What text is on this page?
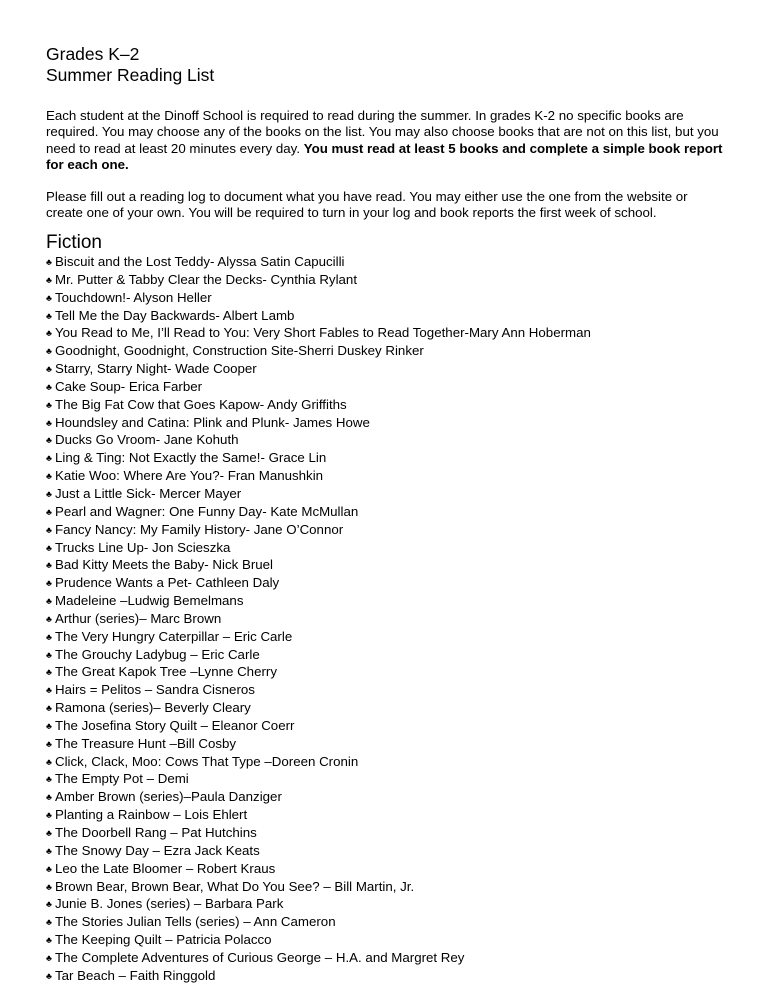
Grades K–2
Summer Reading List

Each student at the Dinoff School is required to read during the summer. In grades K-2 no specific books are required. You may choose any of the books on the list. You may also choose books that are not on this list, but you need to read at least 20 minutes every day. You must read at least 5 books and complete a simple book report for each one.

Please fill out a reading log to document what you have read. You may either use the one from the website or create one of your own. You will be required to turn in your log and book reports the first week of school.

Fiction
♣ Biscuit and the Lost Teddy- Alyssa Satin Capucilli
♣ Mr. Putter & Tabby Clear the Decks- Cynthia Rylant
♣ Touchdown!- Alyson Heller
♣ Tell Me the Day Backwards- Albert Lamb
♣ You Read to Me, I’ll Read to You: Very Short Fables to Read Together-Mary Ann Hoberman
♣ Goodnight, Goodnight, Construction Site-Sherri Duskey Rinker
♣ Starry, Starry Night- Wade Cooper
♣ Cake Soup- Erica Farber
♣ The Big Fat Cow that Goes Kapow- Andy Griffiths
♣ Houndsley and Catina: Plink and Plunk- James Howe
♣ Ducks Go Vroom- Jane Kohuth
♣ Ling & Ting: Not Exactly the Same!- Grace Lin
♣ Katie Woo: Where Are You?- Fran Manushkin
♣ Just a Little Sick- Mercer Mayer
♣ Pearl and Wagner: One Funny Day- Kate McMullan
♣ Fancy Nancy: My Family History- Jane O’Connor
♣ Trucks Line Up- Jon Scieszka
♣ Bad Kitty Meets the Baby- Nick Bruel
♣ Prudence Wants a Pet- Cathleen Daly
♣ Madeleine –Ludwig Bemelmans
♣ Arthur (series)– Marc Brown
♣ The Very Hungry Caterpillar – Eric Carle
♣ The Grouchy Ladybug – Eric Carle
♣ The Great Kapok Tree –Lynne Cherry
♣ Hairs = Pelitos – Sandra Cisneros
♣ Ramona (series)– Beverly Cleary
♣ The Josefina Story Quilt – Eleanor Coerr
♣ The Treasure Hunt –Bill Cosby
♣ Click, Clack, Moo: Cows That Type –Doreen Cronin
♣ The Empty Pot – Demi
♣ Amber Brown (series)–Paula Danziger
♣ Planting a Rainbow – Lois Ehlert
♣ The Doorbell Rang – Pat Hutchins
♣ The Snowy Day – Ezra Jack Keats
♣ Leo the Late Bloomer – Robert Kraus
♣ Brown Bear, Brown Bear, What Do You See? – Bill Martin, Jr.
♣ Junie B. Jones (series) – Barbara Park
♣ The Stories Julian Tells (series) – Ann Cameron
♣ The Keeping Quilt – Patricia Polacco
♣ The Complete Adventures of Curious George – H.A. and Margret Rey
♣ Tar Beach – Faith Ringgold
